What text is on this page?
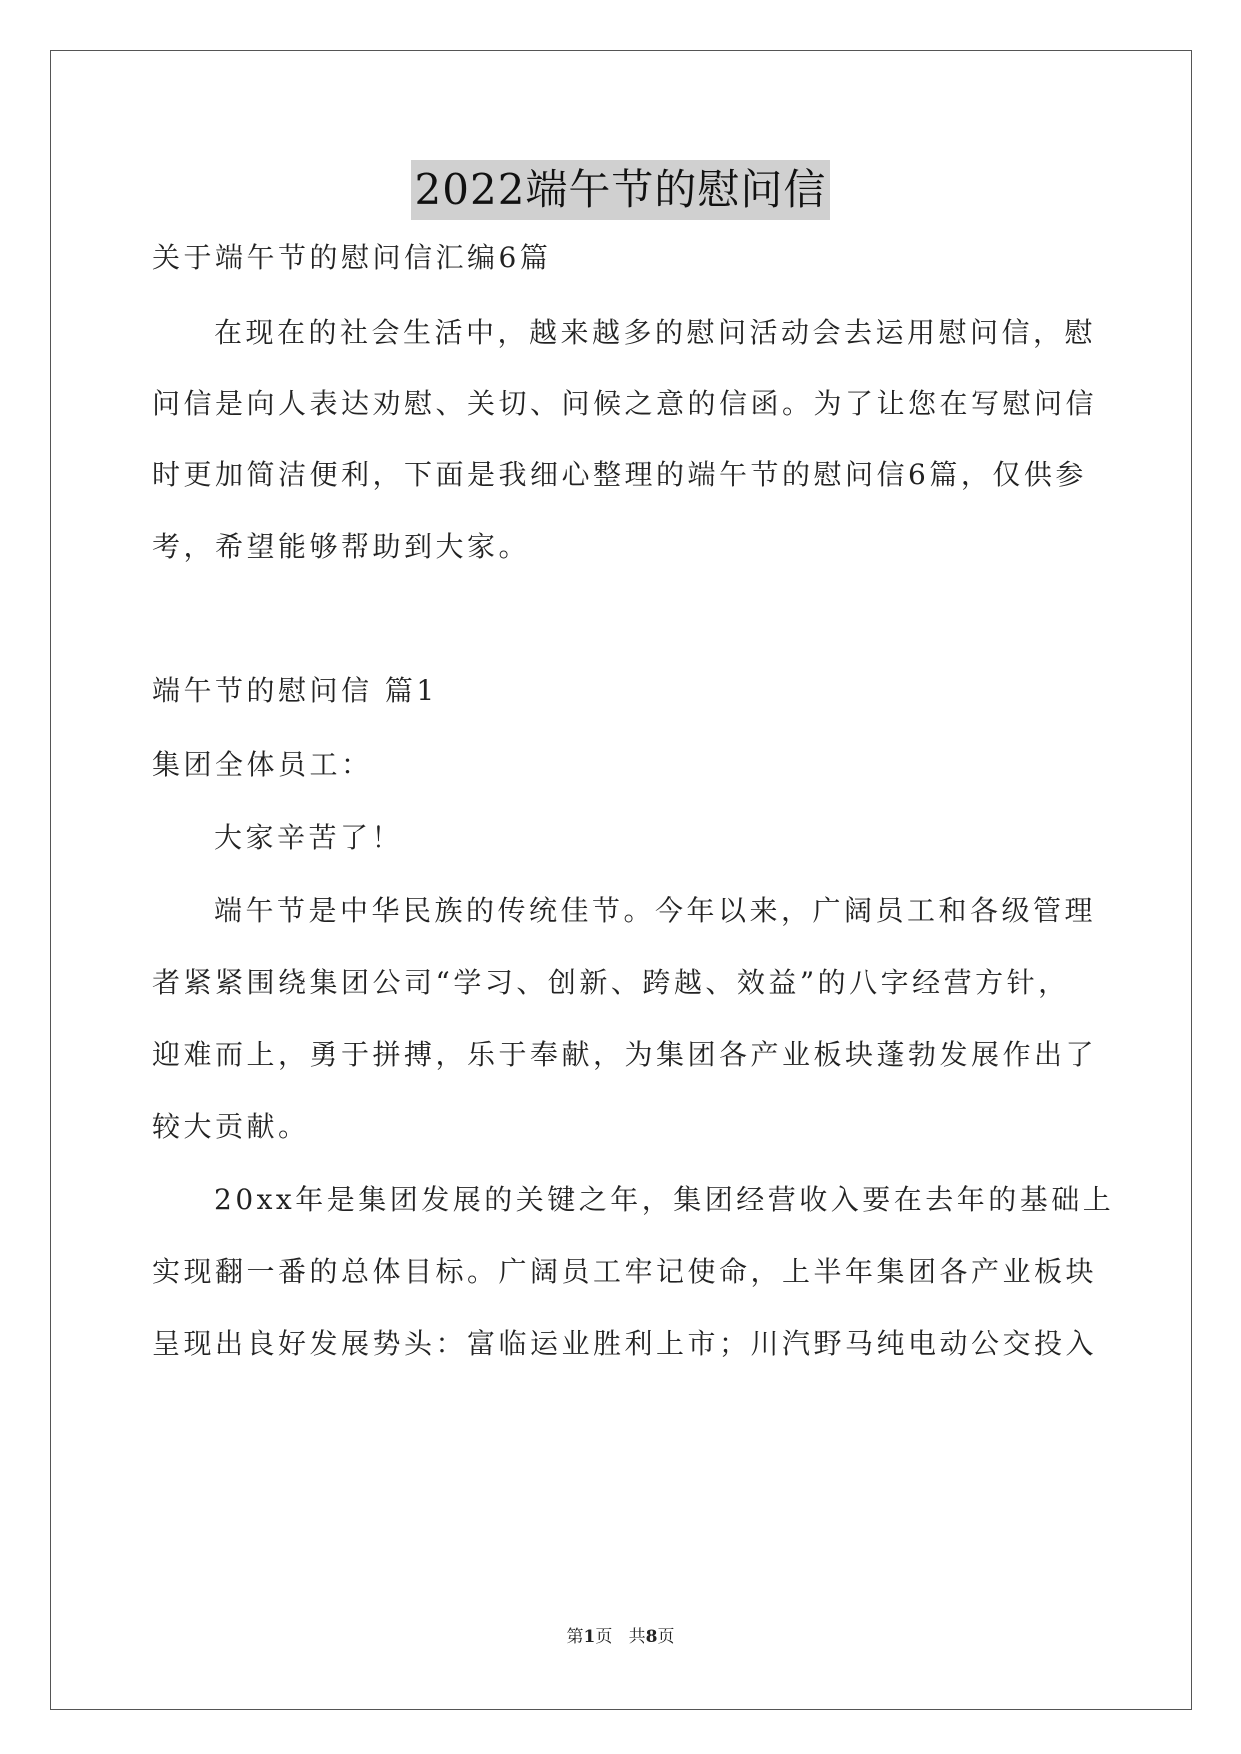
2022端午节的慰问信
关于端午节的慰问信汇编6篇
在现在的社会生活中，越来越多的慰问活动会去运用慰问信，慰
问信是向人表达劝慰、关切、问候之意的信函。为了让您在写慰问信
时更加简洁便利，下面是我细心整理的端午节的慰问信6篇，仅供参
考，希望能够帮助到大家。
端午节的慰问信 篇1
集团全体员工：
大家辛苦了！
端午节是中华民族的传统佳节。今年以来，广阔员工和各级管理
者紧紧围绕集团公司“学习、创新、跨越、效益”的八字经营方针，
迎难而上，勇于拼搏，乐于奉献，为集团各产业板块蓬勃发展作出了
较大贡献。
20xx年是集团发展的关键之年，集团经营收入要在去年的基础上
实现翻一番的总体目标。广阔员工牢记使命，上半年集团各产业板块
呈现出良好发展势头：富临运业胜利上市；川汽野马纯电动公交投入
第1页 共8页
